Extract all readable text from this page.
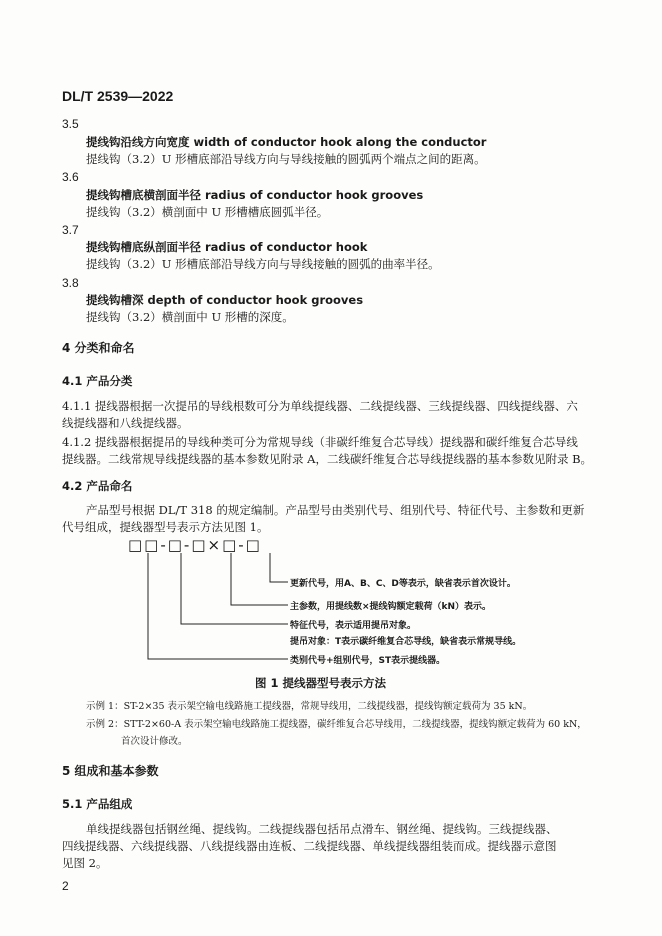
DL/T 2539—2022
3.5
提线钩沿线方向宽度 width of conductor hook along the conductor
提线钩（3.2）U 形槽底部沿导线方向与导线接触的圆弧两个端点之间的距离。
3.6
提线钩槽底横剖面半径 radius of conductor hook grooves
提线钩（3.2）横剖面中 U 形槽槽底圆弧半径。
3.7
提线钩槽底纵剖面半径 radius of conductor hook
提线钩（3.2）U 形槽底部沿导线方向与导线接触的圆弧的曲率半径。
3.8
提线钩槽深 depth of conductor hook grooves
提线钩（3.2）横剖面中 U 形槽的深度。
4 分类和命名
4.1 产品分类
4.1.1 提线器根据一次提吊的导线根数可分为单线提线器、二线提线器、三线提线器、四线提线器、六
线提线器和八线提线器。
4.1.2 提线器根据提吊的导线种类可分为常规导线（非碳纤维复合芯导线）提线器和碳纤维复合芯导线
提线器。二线常规导线提线器的基本参数见附录 A，二线碳纤维复合芯导线提线器的基本参数见附录 B。
4.2 产品命名
产品型号根据 DL/T 318 的规定编制。产品型号由类别代号、组别代号、特征代号、主参数和更新
代号组成，提线器型号表示方法见图 1。
□□-□-□×□-□
更新代号，用A、B、C、D等表示，缺省表示首次设计。
主参数，用提线数×提线钩额定载荷（kN）表示。
特征代号，表示适用提吊对象。
提吊对象：T表示碳纤维复合芯导线，缺省表示常规导线。
类别代号+组别代号，ST表示提线器。
图 1 提线器型号表示方法
示例 1：ST-2×35 表示架空输电线路施工提线器，常规导线用，二线提线器，提线钩额定载荷为 35 kN。
示例 2：STT-2×60-A 表示架空输电线路施工提线器，碳纤维复合芯导线用，二线提线器，提线钩额定载荷为 60 kN，
首次设计修改。
5 组成和基本参数
5.1 产品组成
单线提线器包括钢丝绳、提线钩。二线提线器包括吊点滑车、钢丝绳、提线钩。三线提线器、
四线提线器、六线提线器、八线提线器由连板、二线提线器、单线提线器组装而成。提线器示意图
见图 2。
2
